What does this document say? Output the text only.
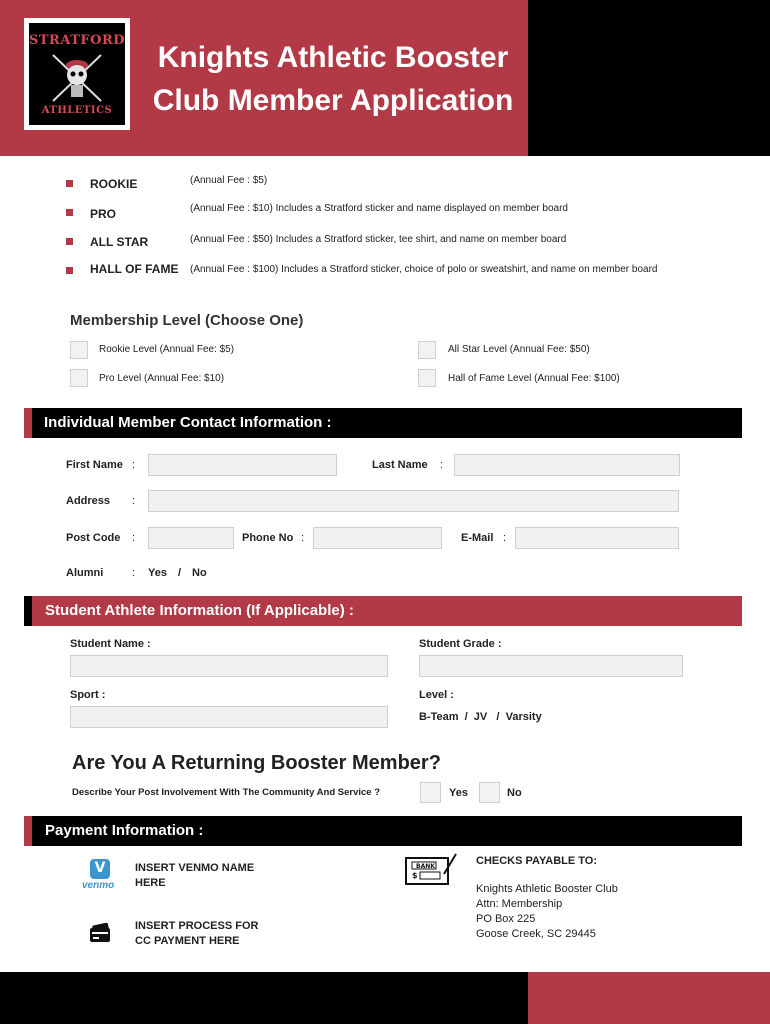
STRATFORD
ATHLETICS
Knights Athletic Booster
Club Member Application
ROOKIE	(Annual Fee : $5)
PRO	(Annual Fee : $10) Includes a Stratford sticker and name displayed on member board
ALL STAR	(Annual Fee : $50) Includes a Stratford sticker, tee shirt, and name on member board
HALL OF FAME (Annual Fee : $100) Includes a Stratford sticker, choice of polo or sweatshirt, and name on member board
Membership Level (Choose One)
Rookie Level (Annual Fee: $5)	All Star Level (Annual Fee: $50)
Pro Level (Annual Fee: $10)	Hall of Fame Level (Annual Fee: $100)
Individual Member Contact Information :
First Name :	Last Name :
Address :
Post Code :	Phone No :	E-Mail :
Alumni	: Yes / No
Student Athlete Information (If Applicable) :
Student Name :	Student Grade :
Sport :	Level :
B-Team  /  JV   /  Varsity
Are You A Returning Booster Member?
Describe Your Post Involvement With The Community And Service ?	Yes	No
Payment Information :
V
venmo
INSERT VENMO NAME
HERE
INSERT PROCESS FOR
CC PAYMENT HERE
BANK
$
CHECKS PAYABLE TO:
Knights Athletic Booster Club
Attn: Membership
PO Box 225
Goose Creek, SC 29445
